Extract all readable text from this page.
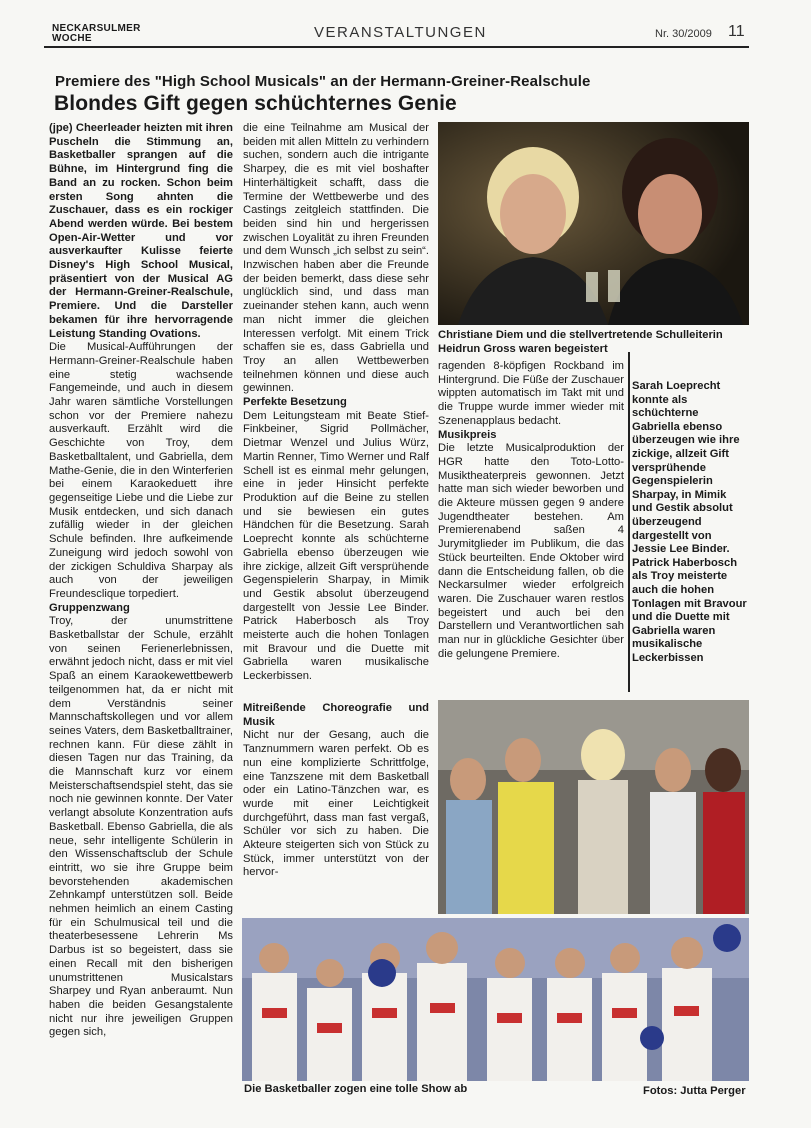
NECKARSULMER
WOCHE	VERANSTALTUNGEN	Nr. 30/2009 11
Premiere des "High School Musicals" an der Hermann-Greiner-Realschule
Blondes Gift gegen schüchternes Genie

(jpe) Cheerleader heizten mit ihren Puscheln die Stimmung an, Basketballer sprangen auf die Bühne, im Hintergrund fing die Band an zu rocken. Schon beim ersten Song ahnten die Zuschauer, dass es ein rockiger Abend werden würde. Bei bestem Open-Air-Wetter und vor ausverkaufter Kulisse feierte Disney's High School Musical, präsentiert von der Musical AG der Hermann-Greiner-Realschule, Premiere. Und die Darsteller bekamen für ihre hervorragende Leistung Standing Ovations.

Die Musical-Aufführungen der Hermann-Greiner-Realschule haben eine stetig wachsende Fangemeinde, und auch in diesem Jahr waren sämtliche Vorstellungen schon vor der Premiere nahezu ausverkauft. Erzählt wird die Geschichte von Troy, dem Basketballtalent, und Gabriella, dem Mathe-Genie, die in den Winterferien bei einem Karaokeduett ihre gegenseitige Liebe und die Liebe zur Musik entdecken, und sich danach zufällig wieder in der gleichen Schule befinden. Ihre aufkeimende Zuneigung wird jedoch sowohl von der zickigen Schuldiva Sharpay als auch von der jeweiligen Freundesclique torpediert.

Gruppenzwang

Troy, der unumstrittene Basketballstar der Schule, erzählt von seinen Ferienerlebnissen, erwähnt jedoch nicht, dass er mit viel Spaß an einem Karaokewettbewerb teilgenommen hat, da er nicht mit dem Verständnis seiner Mannschaftskollegen und vor allem seines Vaters, dem Basketballtrainer, rechnen kann. Für diese zählt in diesen Tagen nur das Training, da die Mannschaft kurz vor einem Meisterschaftsendspiel steht, das sie noch nie gewinnen konnte. Der Vater verlangt absolute Konzentration aufs Basketball. Ebenso Gabriella, die als neue, sehr intelligente Schülerin in den Wissenschaftsclub der Schule eintritt, wo sie ihre Gruppe beim bevorstehenden akademischen Zehnkampf unterstützen soll. Beide nehmen heimlich an einem Casting für ein Schulmusical teil und die theaterbesessene Lehrerin Ms Darbus ist so begeistert, dass sie einen Recall mit den bisherigen unumstrittenen Musicalstars Sharpey und Ryan anberaumt. Nun haben die beiden Gesangstalente nicht nur ihre jeweiligen Gruppen gegen sich,

die eine Teilnahme am Musical der beiden mit allen Mitteln zu verhindern suchen, sondern auch die intrigante Sharpey, die es mit viel boshafter Hinterhältigkeit schafft, dass die Termine der Wettbewerbe und des Castings zeitgleich stattfinden. Die beiden sind hin und hergerissen zwischen Loyalität zu ihren Freunden und dem Wunsch „ich selbst zu sein“. Inzwischen haben aber die Freunde der beiden bemerkt, dass diese sehr unglücklich sind, und dass man zueinander stehen kann, auch wenn man nicht immer die gleichen Interessen verfolgt. Mit einem Trick schaffen sie es, dass Gabriella und Troy an allen Wettbewerben teilnehmen können und diese auch gewinnen.

Perfekte Besetzung

Dem Leitungsteam mit Beate Stief-Finkbeiner, Sigrid Pollmächer, Dietmar Wenzel und Julius Würz, Martin Renner, Timo Werner und Ralf Schell ist es einmal mehr gelungen, eine in jeder Hinsicht perfekte Produktion auf die Beine zu stellen und sie bewiesen ein gutes Händchen für die Besetzung. Sarah Loeprecht konnte als schüchterne Gabriella ebenso überzeugen wie ihre zickige, allzeit Gift versprühende Gegenspielerin Sharpay, in Mimik und Gestik absolut überzeugend dargestellt von Jessie Lee Binder. Patrick Haberbosch als Troy meisterte auch die hohen Tonlagen mit Bravour und die Duette mit Gabriella waren musikalische Leckerbissen.

Mitreißende Choreografie und Musik

Nicht nur der Gesang, auch die Tanznummern waren perfekt. Ob es nun eine komplizierte Schrittfolge, eine Tanzszene mit dem Basketball oder ein Latino-Tänzchen war, es wurde mit einer Leichtigkeit durchgeführt, dass man fast vergaß, Schüler vor sich zu haben. Die Akteure steigerten sich von Stück zu Stück, immer unterstützt von der hervor-

Christiane Diem und die stellvertretende Schulleiterin Heidrun Gross waren begeistert

ragenden 8-köpfigen Rockband im Hintergrund. Die Füße der Zuschauer wippten automatisch im Takt mit und die Truppe wurde immer wieder mit Szenenapplaus bedacht.

Musikpreis

Die letzte Musicalproduktion der HGR hatte den Toto-Lotto-Musiktheaterpreis gewonnen. Jetzt hatte man sich wieder beworben und die Akteure müssen gegen 9 andere Jugendtheater bestehen. Am Premierenabend saßen 4 Jurymitglieder im Publikum, die das Stück beurteilten. Ende Oktober wird dann die Entscheidung fallen, ob die Neckarsulmer wieder erfolgreich waren. Die Zuschauer waren restlos begeistert und auch bei den Darstellern und Verantwortlichen sah man nur in glückliche Gesichter über die gelungene Premiere.

Sarah Loeprecht konnte als schüchterne Gabriella ebenso überzeugen wie ihre zickige, allzeit Gift versprühende Gegenspielerin Sharpay, in Mimik und Gestik absolut überzeugend dargestellt von Jessie Lee Binder. Patrick Haberbosch als Troy meisterte auch die hohen Tonlagen mit Bravour und die Duette mit Gabriella waren musikalische Leckerbissen
Die Basketballer zogen eine tolle Show ab	Fotos: Jutta Perger
